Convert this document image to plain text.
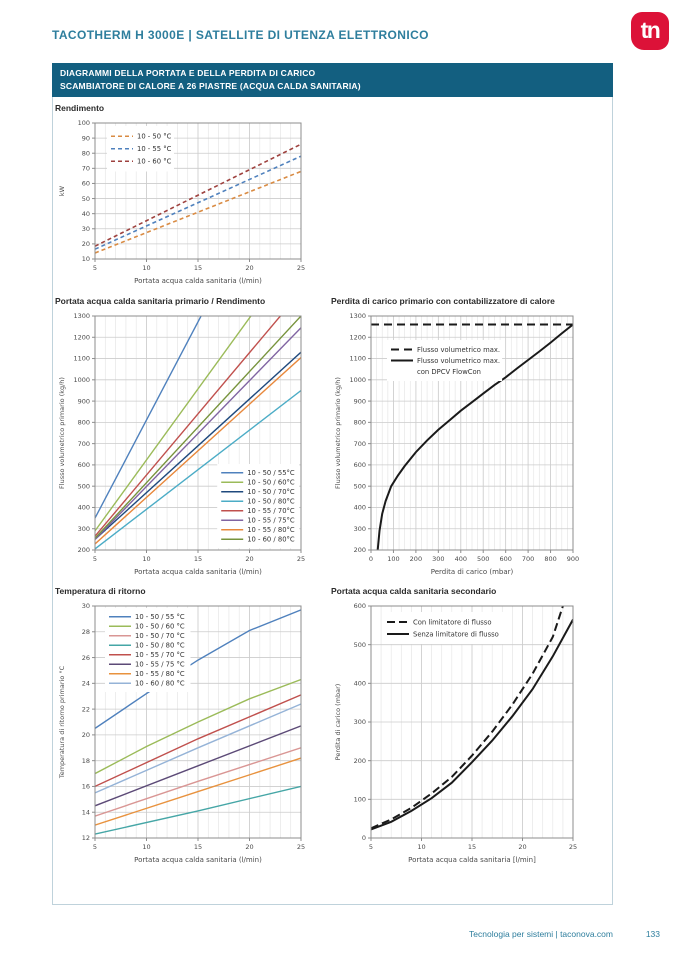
TACOTHERM H 3000E | SATELLITE DI UTENZA ELETTRONICO	tn
DIAGRAMMI DELLA PORTATA E DELLA PERDITA DI CARICO
SCAMBIATORE DI CALORE A 26 PIASTRE (ACQUA CALDA SANITARIA)
Rendimento
5	10	15	20	25
10
20
30
40
50
60
70
80
90
100
Portata acqua calda sanitaria (l/min)
kW
10 - 50 °C
10 - 55 °C
10 - 60 °C
Portata acqua calda sanitaria primario / Rendimento
5	10	15	20	25
200
300
400
500
600
700
800
900
1000
1100
1200
1300
Portata acqua calda sanitaria (l/min)
Flusso volumetrico primario (kg/h)	10 - 50 / 55°C
10 - 50 / 60°C
10 - 50 / 70°C
10 - 50 / 80°C
10 - 55 / 70°C
10 - 55 / 75°C
10 - 55 / 80°C
10 - 60 / 80°C
Perdita di carico primario con contabilizzatore di calore
0 100 200 300 400 500 600 700 800 900
200
300
400
500
600
700
800
900
1000
1100
1200
1300
Perdita di carico (mbar)
Flusso volumetrico primario (kg/h)
Flusso volumetrico max.
Flusso volumetrico max.
con DPCV FlowCon
Temperatura di ritorno
5	10	15	20	25
12
14
16
18
20
22
24
26
28
30
Portata acqua calda sanitaria (l/min)
Temperatura di ritorno primario °C
10 - 50 / 55 °C
10 - 50 / 60 °C
10 - 50 / 70 °C
10 - 50 / 80 °C
10 - 55 / 70 °C
10 - 55 / 75 °C
10 - 55 / 80 °C
10 - 60 / 80 °C
Portata acqua calda sanitaria secondario
5	10	15	20	25
0
100
200
300
400
500
600
Portata acqua calda sanitaria [l/min]
Perdita di carico (mbar)
Con limitatore di flusso
Senza limitatore di flusso
Tecnologia per sistemi | taconova.com	133
